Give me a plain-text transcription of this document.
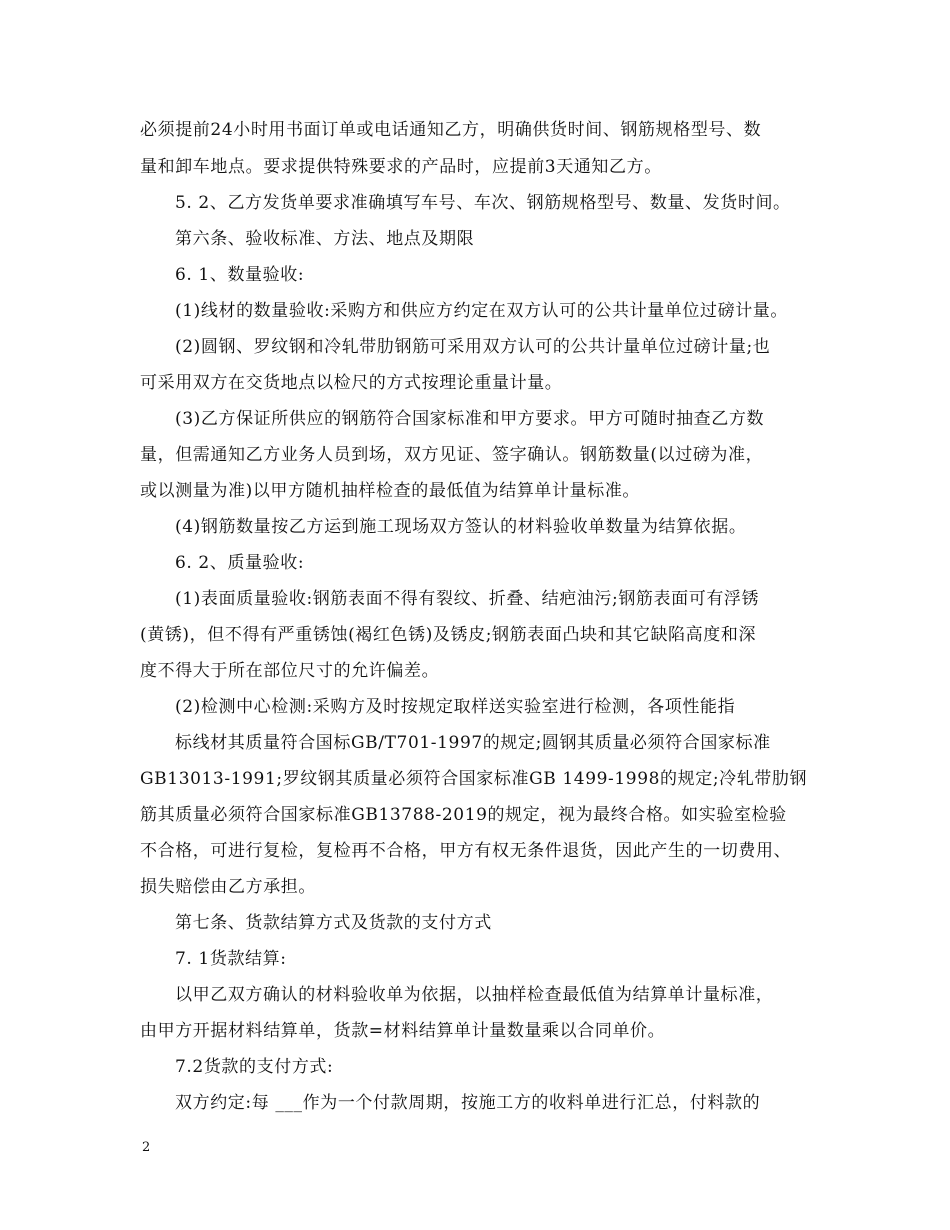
必须提前24小时用书面订单或电话通知乙方，明确供货时间、钢筋规格型号、数
量和卸车地点。要求提供特殊要求的产品时，应提前3天通知乙方。
5. 2、乙方发货单要求准确填写车号、车次、钢筋规格型号、数量、发货时间。
第六条、验收标准、方法、地点及期限
6. 1、数量验收:
(1)线材的数量验收:采购方和供应方约定在双方认可的公共计量单位过磅计量。
(2)圆钢、罗纹钢和冷轧带肋钢筋可采用双方认可的公共计量单位过磅计量;也
可采用双方在交货地点以检尺的方式按理论重量计量。
(3)乙方保证所供应的钢筋符合国家标准和甲方要求。甲方可随时抽查乙方数
量，但需通知乙方业务人员到场，双方见证、签字确认。钢筋数量(以过磅为准，
或以测量为准)以甲方随机抽样检查的最低值为结算单计量标准。
(4)钢筋数量按乙方运到施工现场双方签认的材料验收单数量为结算依据。
6. 2、质量验收:
(1)表面质量验收:钢筋表面不得有裂纹、折叠、结疤油污;钢筋表面可有浮锈
(黄锈)，但不得有严重锈蚀(褐红色锈)及锈皮;钢筋表面凸块和其它缺陷高度和深
度不得大于所在部位尺寸的允许偏差。
(2)检测中心检测:采购方及时按规定取样送实验室进行检测，各项性能指
标线材其质量符合国标GB/T701-1997的规定;圆钢其质量必须符合国家标准
GB13013-1991;罗纹钢其质量必须符合国家标准GB 1499-1998的规定;冷轧带肋钢
筋其质量必须符合国家标准GB13788-2019的规定，视为最终合格。如实验室检验
不合格，可进行复检，复检再不合格，甲方有权无条件退货，因此产生的一切费用、
损失赔偿由乙方承担。
第七条、货款结算方式及货款的支付方式
7. 1货款结算:
以甲乙双方确认的材料验收单为依据，以抽样检查最低值为结算单计量标准，
由甲方开据材料结算单，货款=材料结算单计量数量乘以合同单价。
7.2货款的支付方式:
双方约定:每 ___作为一个付款周期，按施工方的收料单进行汇总，付料款的
2
